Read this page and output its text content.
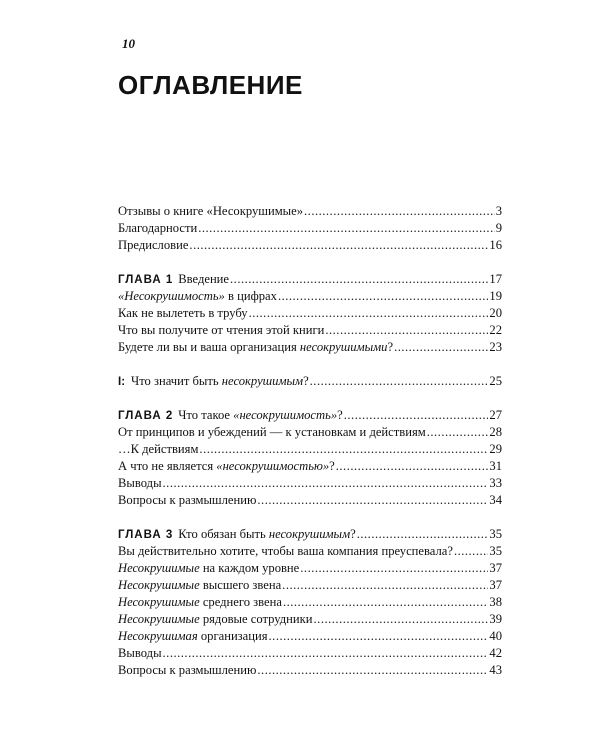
10
ОГЛАВЛЕНИЕ
Отзывы о книге «Несокрушимые» .....	3
Благодарности .....	9
Предисловие .....	16
ГЛАВА 1 Введение .....	17
«Несокрушимость» в цифрах .....	19
Как не вылететь в трубу .....	20
Что вы получите от чтения этой книги .....	22
Будете ли вы и ваша организация несокрушимыми? .....	23
I: Что значит быть несокрушимым? .....	25
ГЛАВА 2 Что такое «несокрушимость»? .....	27
От принципов и убеждений — к установкам и действиям .....	28
…К действиям .....	29
А что не является «несокрушимостью»? .....	31
Выводы .....	33
Вопросы к размышлению .....	34
ГЛАВА 3 Кто обязан быть несокрушимым? .....	35
Вы действительно хотите, чтобы ваша компания преуспевала? .....	35
Несокрушимые на каждом уровне .....	37
Несокрушимые высшего звена .....	37
Несокрушимые среднего звена .....	38
Несокрушимые рядовые сотрудники .....	39
Несокрушимая организация .....	40
Выводы .....	42
Вопросы к размышлению .....	43
